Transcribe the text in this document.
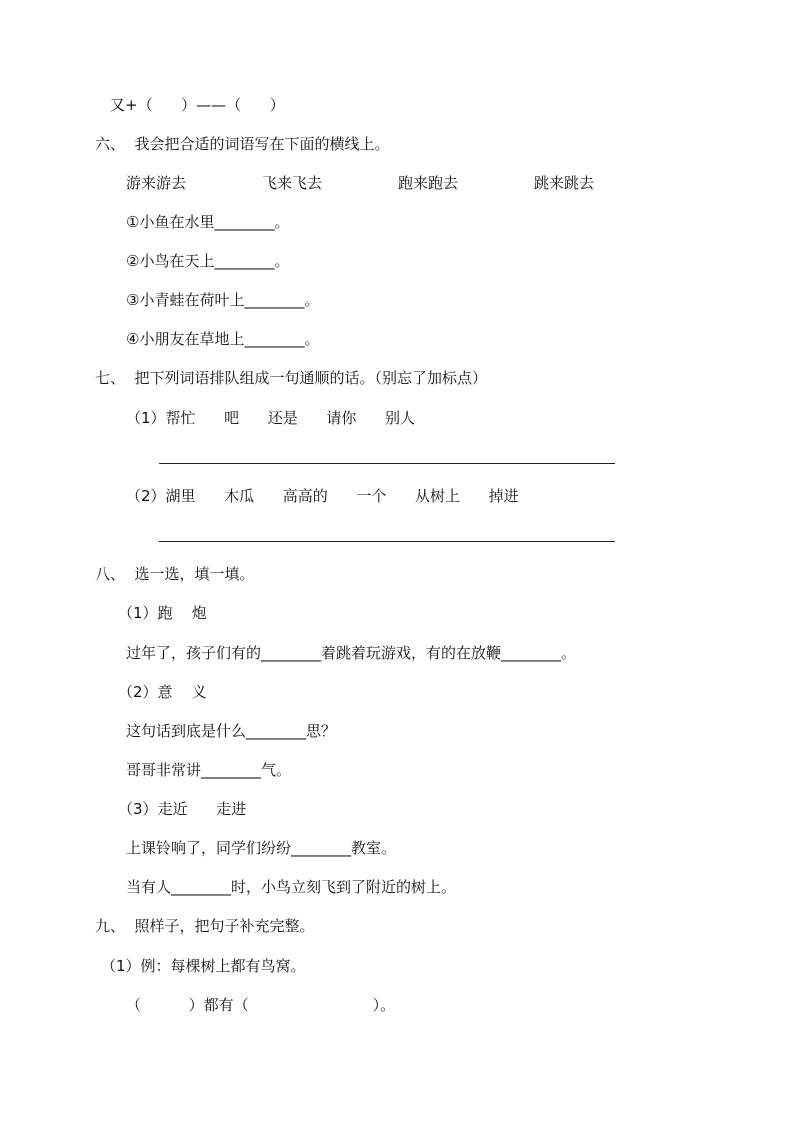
又+（      ）——（      ）
六、  我会把合适的词语写在下面的横线上。
游来游去	飞来飞去	跑来跑去	跳来跳去
①小鱼在水里________。
②小鸟在天上________。
③小青蛙在荷叶上________。
④小朋友在草地上________。
七、  把下列词语排队组成一句通顺的话。（别忘了加标点）
（1）帮忙      吧      还是      请你      别人
（2）湖里      木瓜      高高的      一个      从树上      掉进
八、  选一选，填一填。
（1）跑    炮
过年了，孩子们有的________着跳着玩游戏，有的在放鞭________。
（2）意    义
这句话到底是什么________思？
哥哥非常讲________气。
（3）走近      走进
上课铃响了，同学们纷纷________教室。
当有人________时，小鸟立刻飞到了附近的树上。
九、  照样子，把句子补充完整。
（1）例：每棵树上都有鸟窝。
（          ）都有（                          ）。
